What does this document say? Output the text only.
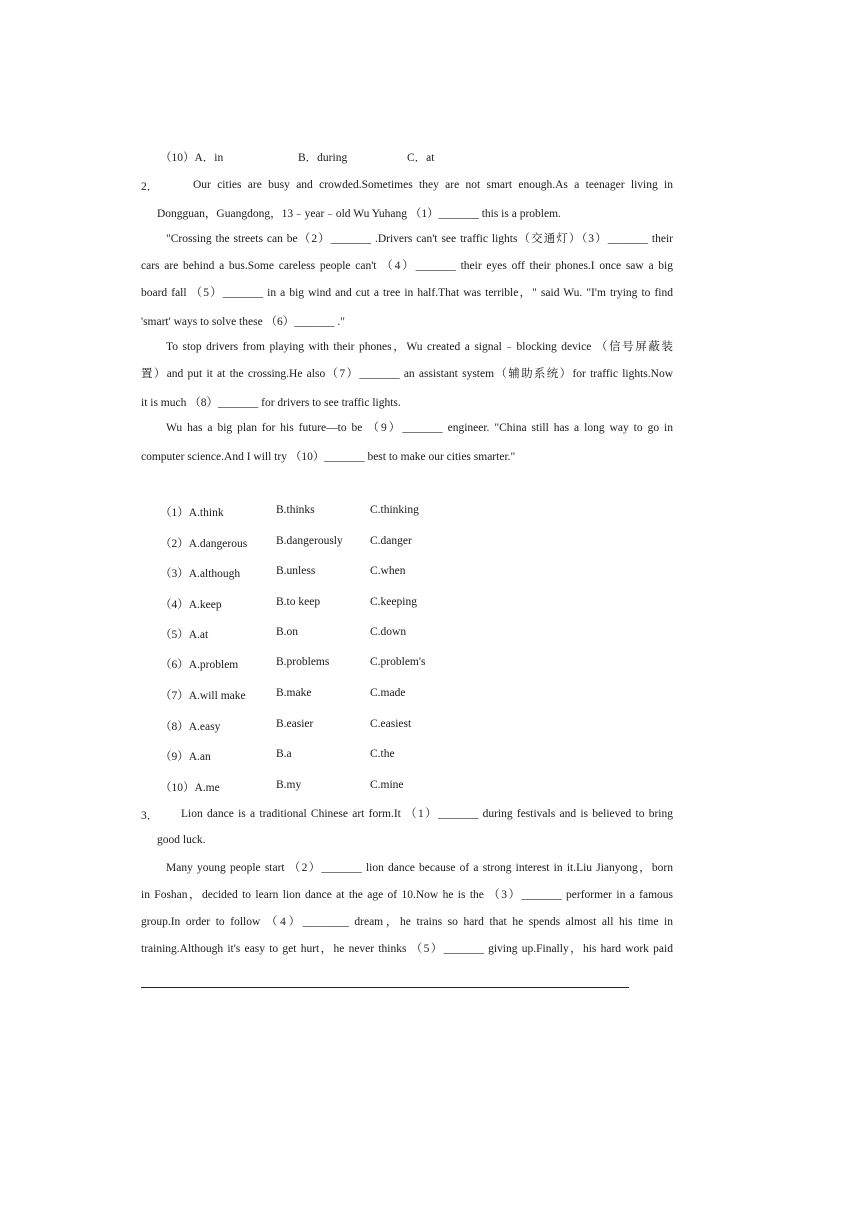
（10）A．in	B．during	C．at
2．	Our cities are busy and crowded.Sometimes they are not smart enough.As a teenager living in
Dongguan，Guangdong，13﹣year﹣old Wu Yuhang （1）_______ this is a problem.
"Crossing the streets can be（2）_______ .Drivers can't see traffic lights（交通灯）（3）_______ their
cars are behind a bus.Some careless people can't （4）_______ their eyes off their phones.I once saw a big
board fall （5）_______ in a big wind and cut a tree in half.That was terrible，" said Wu. "I'm trying to find
'smart' ways to solve these （6）_______ ."
To stop drivers from playing with their phones，Wu created a signal﹣blocking device （信号屏蔽装
置）and put it at the crossing.He also（7）_______ an assistant system（辅助系统）for traffic lights.Now
it is much （8）_______ for drivers to see traffic lights.
Wu has a big plan for his future—to be （9）_______ engineer. "China still has a long way to go in
computer science.And I will try （10）_______ best to make our cities smarter."
（1）A.think	B.thinks	C.thinking
（2）A.dangerous	B.dangerously C.danger
（3）A.although	B.unless	C.when
（4）A.keep	B.to keep	C.keeping
（5）A.at	B.on	C.down
（6）A.problem	B.problems	C.problem's
（7）A.will make	B.make	C.made
（8）A.easy	B.easier	C.easiest
（9）A.an	B.a	C.the
（10）A.me	B.my	C.mine
3． Lion dance is a traditional Chinese art form.It （1）_______ during festivals and is believed to bring
good luck.
Many young people start （2）_______ lion dance because of a strong interest in it.Liu Jianyong，born
in Foshan，decided to learn lion dance at the age of 10.Now he is the （3）_______ performer in a famous
group.In order to follow （4）________ dream，he trains so hard that he spends almost all his time in
training.Although it's easy to get hurt，he never thinks （5）_______ giving up.Finally，his hard work paid
